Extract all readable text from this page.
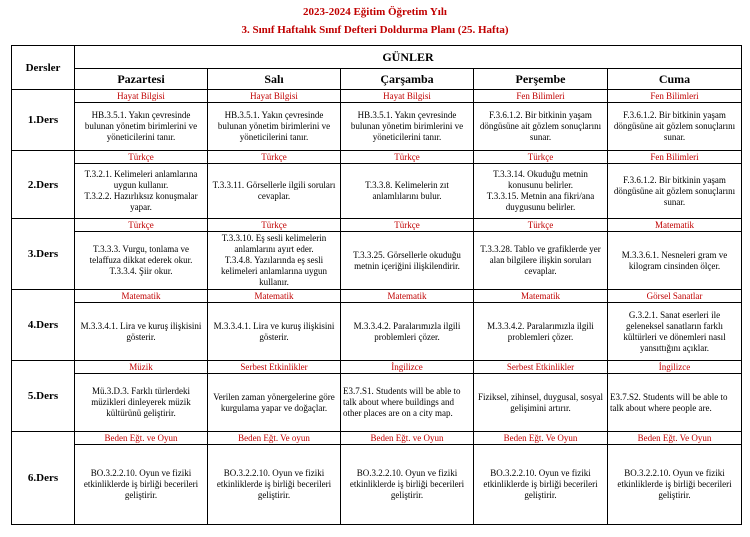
2023-2024 Eğitim Öğretim Yılı
3. Sınıf Haftalık Sınıf Defteri Doldurma Planı (25. Hafta)
Dersler	GÜNLER				
	Pazartesi	Salı	Çarşamba	Perşembe	Cuma
1.Ders	Hayat Bilgisi	Hayat Bilgisi	Hayat Bilgisi	Fen Bilimleri	Fen Bilimleri
	HB.3.5.1. Yakın çevresinde bulunan yönetim birimlerini ve yöneticilerini tanır.	HB.3.5.1. Yakın çevresinde bulunan yönetim birimlerini ve yöneticilerini tanır.	HB.3.5.1. Yakın çevresinde bulunan yönetim birimlerini ve yöneticilerini tanır.	F.3.6.1.2. Bir bitkinin yaşam döngüsüne ait gözlem sonuçlarını sunar.	F.3.6.1.2. Bir bitkinin yaşam döngüsüne ait gözlem sonuçlarını sunar.
2.Ders	Türkçe	Türkçe	Türkçe	Türkçe	Fen Bilimleri
	T.3.2.1. Kelimeleri anlamlarına uygun kullanır.
T.3.2.2. Hazırlıksız konuşmalar yapar.	T.3.3.11. Görsellerle ilgili soruları cevaplar.	T.3.3.8. Kelimelerin zıt anlamlılarını bulur.	T.3.3.14. Okuduğu metnin konusunu belirler.
T.3.3.15. Metnin ana fikri/ana duygusunu belirler.	F.3.6.1.2. Bir bitkinin yaşam döngüsüne ait gözlem sonuçlarını sunar.
3.Ders	Türkçe	Türkçe	Türkçe	Türkçe	Matematik
	T.3.3.3. Vurgu, tonlama ve telaffuza dikkat ederek okur.
T.3.3.4. Şiir okur.	T.3.3.10. Eş sesli kelimelerin anlamlarını ayırt eder.
T.3.4.8. Yazılarında eş sesli kelimeleri anlamlarına uygun kullanır.	T.3.3.25. Görsellerle okuduğu metnin içeriğini ilişkilendirir.	T.3.3.28. Tablo ve grafiklerde yer alan bilgilere ilişkin soruları cevaplar.	M.3.3.6.1. Nesneleri gram ve kilogram cinsinden ölçer.
4.Ders	Matematik	Matematik	Matematik	Matematik	Görsel Sanatlar
	M.3.3.4.1. Lira ve kuruş ilişkisini gösterir.	M.3.3.4.1. Lira ve kuruş ilişkisini gösterir.	M.3.3.4.2. Paralarımızla ilgili problemleri çözer.	M.3.3.4.2. Paralarımızla ilgili problemleri çözer.	G.3.2.1. Sanat eserleri ile geleneksel sanatların farklı kültürleri ve dönemleri nasıl yansıttığını açıklar.
5.Ders	Müzik	Serbest Etkinlikler	İngilizce	Serbest Etkinlikler	İngilizce
	Mü.3.D.3. Farklı türlerdeki müzikleri dinleyerek müzik kültürünü geliştirir.	Verilen zaman yönergelerine göre kurgulama yapar ve doğaçlar.	E3.7.S1. Students will be able to talk about where buildings and other places are on a city map.	Fiziksel, zihinsel, duygusal, sosyal gelişimini artırır.	E3.7.S2. Students will be able to talk about where people are.
6.Ders	Beden Eğt. ve Oyun	Beden Eğt. Ve oyun	Beden Eğt. ve Oyun	Beden Eğt. Ve Oyun	Beden Eğt. Ve Oyun
	BO.3.2.2.10. Oyun ve fiziki etkinliklerde iş birliği becerileri geliştirir.	BO.3.2.2.10. Oyun ve fiziki etkinliklerde iş birliği becerileri geliştirir.	BO.3.2.2.10. Oyun ve fiziki etkinliklerde iş birliği becerileri geliştirir.	BO.3.2.2.10. Oyun ve fiziki etkinliklerde iş birliği becerileri geliştirir.	BO.3.2.2.10. Oyun ve fiziki etkinliklerde iş birliği becerileri geliştirir.
